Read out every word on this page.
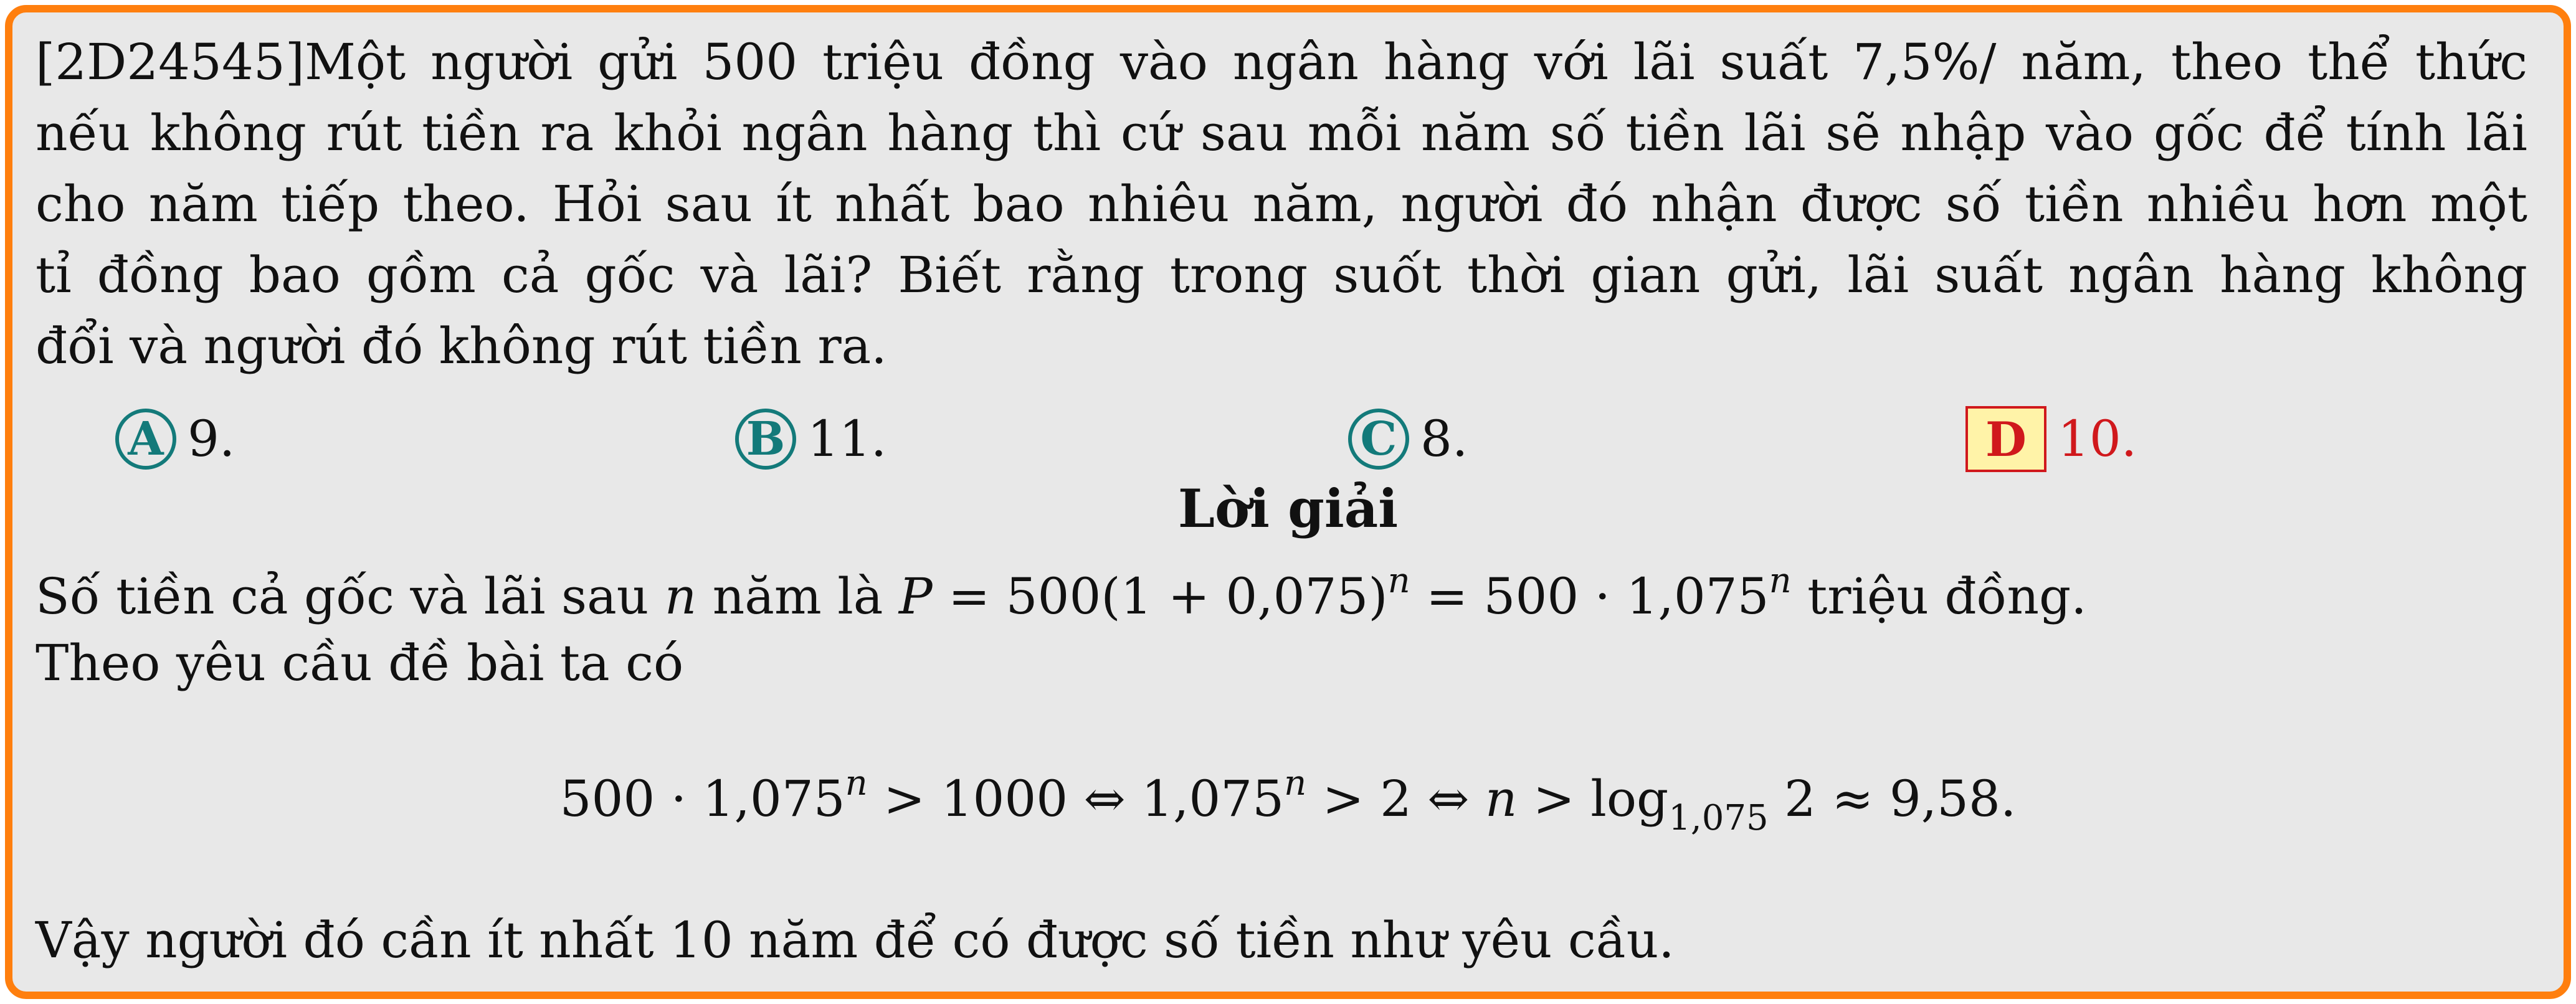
[2D24545]Một người gửi 500 triệu đồng vào ngân hàng với lãi suất 7,5%/ năm, theo thể thức
nếu không rút tiền ra khỏi ngân hàng thì cứ sau mỗi năm số tiền lãi sẽ nhập vào gốc để tính lãi
cho năm tiếp theo. Hỏi sau ít nhất bao nhiêu năm, người đó nhận được số tiền nhiều hơn một
tỉ đồng bao gồm cả gốc và lãi? Biết rằng trong suốt thời gian gửi, lãi suất ngân hàng không
đổi và người đó không rút tiền ra.
A 9.	B 11.	C 8.	D 10.
Lời giải
Số tiền cả gốc và lãi sau n năm là $P = 500(1 + 0,075)^n = 500 \cdot 1,075^n$ triệu đồng.
Theo yêu cầu đề bài ta có
$500 \cdot 1,075^n > 1000$ ⇔ $1,075^n > 2$ ⇔ $n > \log_{1,075} 2 \approx 9,58$.
Vậy người đó cần ít nhất 10 năm để có được số tiền như yêu cầu.
